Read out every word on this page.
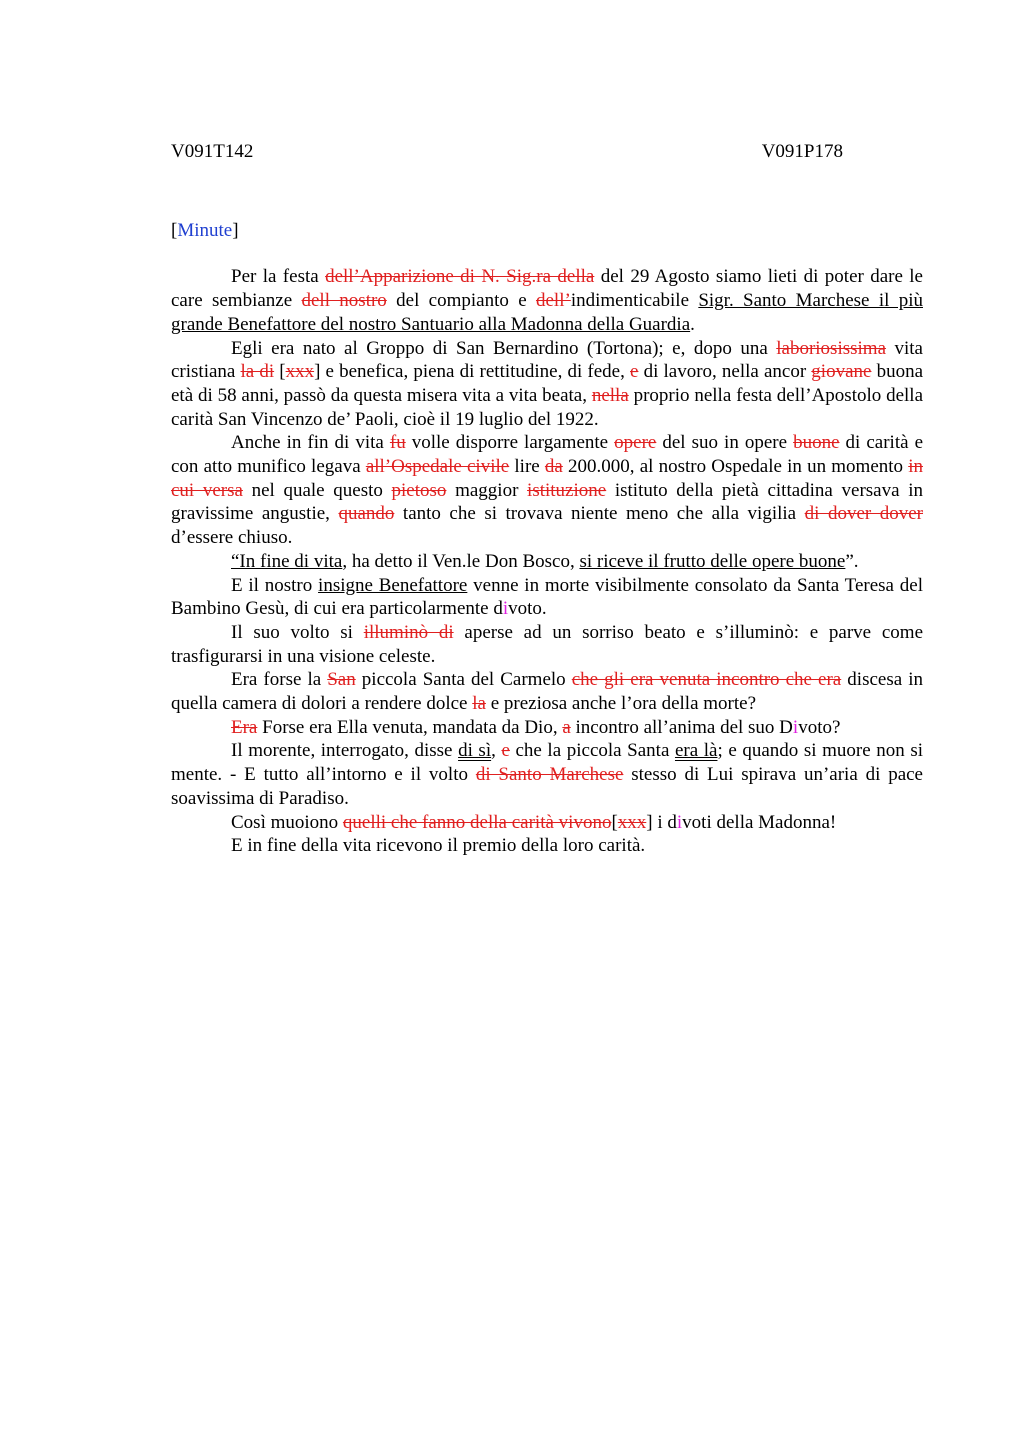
V091T142	V091P178
[Minute]

Per la festa dell’Apparizione di N. Sig.ra della del 29 Agosto siamo lieti di poter dare le care sembianze dell nostro del compianto e dell’indimenticabile Sigr. Santo Marchese il più grande Benefattore del nostro Santuario alla Madonna della Guardia.

Egli era nato al Groppo di San Bernardino (Tortona); e, dopo una laboriosissima vita cristiana la di [xxx] e benefica, piena di rettitudine, di fede, e di lavoro, nella ancor giovane buona età di 58 anni, passò da questa misera vita a vita beata, nella proprio nella festa dell’Apostolo della carità San Vincenzo de’ Paoli, cioè il 19 luglio del 1922.

Anche in fin di vita fu volle disporre largamente opere del suo in opere buone di carità e con atto munifico legava all’Ospedale civile lire da 200.000, al nostro Ospedale in un momento in cui versa nel quale questo pietoso maggior istituzione istituto della pietà cittadina versava in gravissime angustie, quando tanto che si trovava niente meno che alla vigilia di dover dover d’essere chiuso.

“In fine di vita, ha detto il Ven.le Don Bosco, si riceve il frutto delle opere buone”.

E il nostro insigne Benefattore venne in morte visibilmente consolato da Santa Teresa del Bambino Gesù, di cui era particolarmente divoto.

Il suo volto si illuminò di aperse ad un sorriso beato e s’illuminò: e parve come trasfigurarsi in una visione celeste.

Era forse la San piccola Santa del Carmelo che gli era venuta incontro che era discesa in quella camera di dolori a rendere dolce la e preziosa anche l’ora della morte?

Era Forse era Ella venuta, mandata da Dio, a incontro all’anima del suo Divoto?

Il morente, interrogato, disse di sì, e che la piccola Santa era là; e quando si muore non si mente. - E tutto all’intorno e il volto di Santo Marchese stesso di Lui spirava un’aria di pace soavissima di Paradiso.

Così muoiono quelli che fanno della carità vivono[xxx] i divoti della Madonna!

E in fine della vita ricevono il premio della loro carità.
